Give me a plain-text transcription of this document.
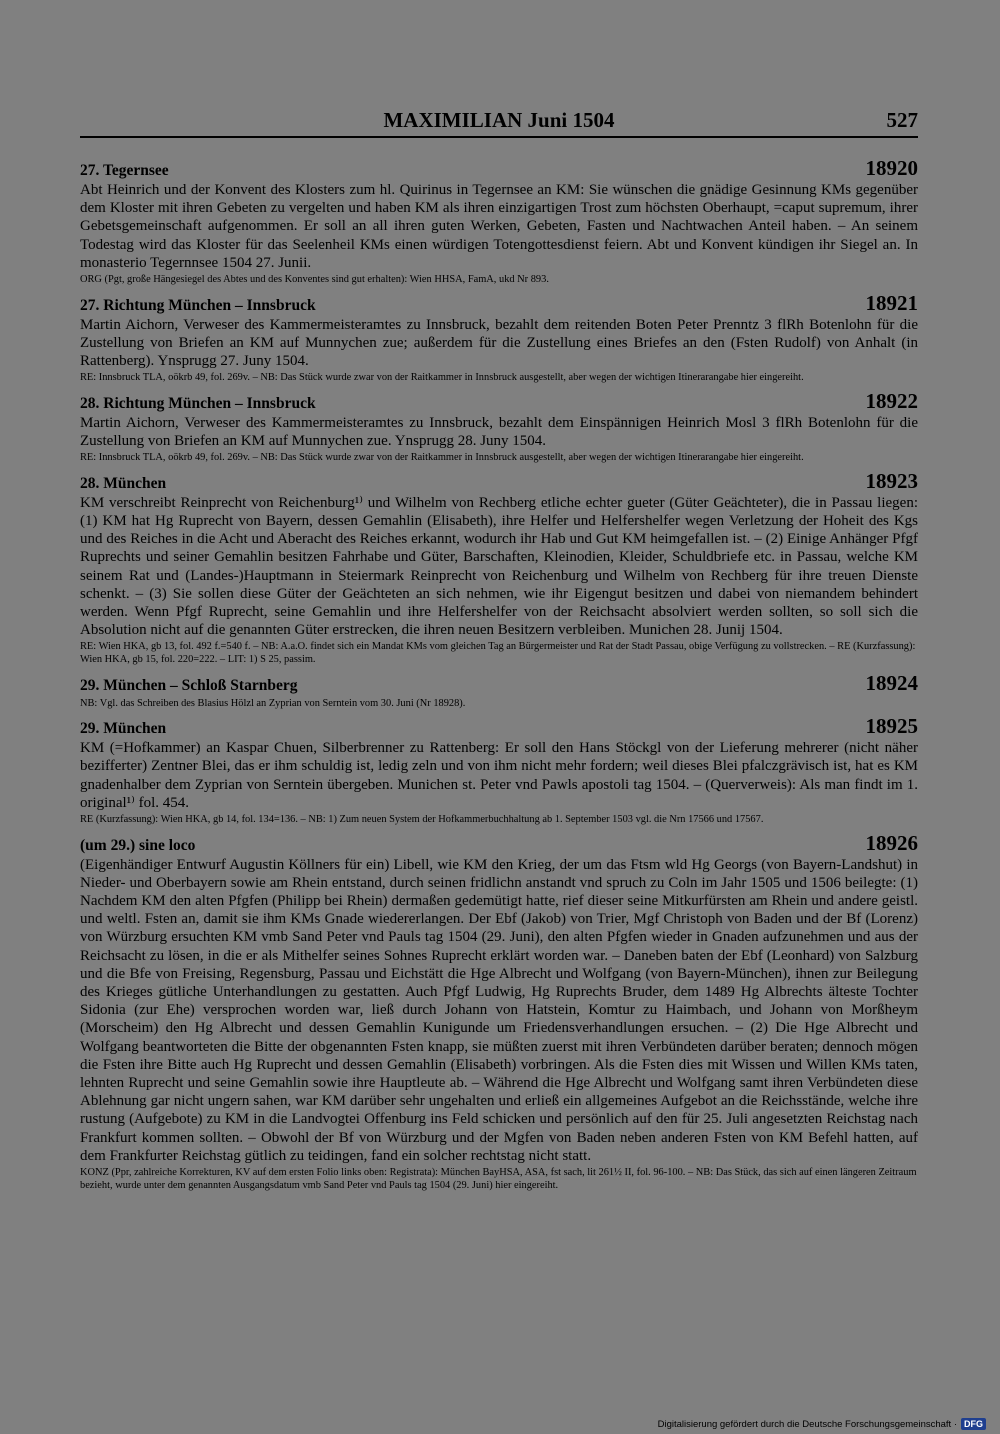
MAXIMILIAN Juni 1504	527
27. Tegernsee	18920

Abt Heinrich und der Konvent des Klosters zum hl. Quirinus in Tegernsee an KM: Sie wünschen die gnädige Gesinnung KMs gegenüber dem Kloster mit ihren Gebeten zu vergelten und haben KM als ihren einzigartigen Trost zum höchsten Oberhaupt, =caput supremum, ihrer Gebetsgemeinschaft aufgenommen. Er soll an all ihren guten Werken, Gebeten, Fasten und Nachtwachen Anteil haben. – An seinem Todestag wird das Kloster für das Seelenheil KMs einen würdigen Totengottesdienst feiern. Abt und Konvent kündigen ihr Siegel an. In monasterio Tegernnsee 1504 27. Junii.

ORG (Pgt, große Hängesiegel des Abtes und des Konventes sind gut erhalten): Wien HHSA, FamA, ukd Nr 893.

27. Richtung München – Innsbruck	18921

Martin Aichorn, Verweser des Kammermeisteramtes zu Innsbruck, bezahlt dem reitenden Boten Peter Prenntz 3 flRh Botenlohn für die Zustellung von Briefen an KM auf Munnychen zue; außerdem für die Zustellung eines Briefes an den (Fsten Rudolf) von Anhalt (in Rattenberg). Ynsprugg 27. Juny 1504.

RE: Innsbruck TLA, oökrb 49, fol. 269v. – NB: Das Stück wurde zwar von der Raitkammer in Innsbruck ausgestellt, aber wegen der wichtigen Itinerarangabe hier eingereiht.

28. Richtung München – Innsbruck	18922

Martin Aichorn, Verweser des Kammermeisteramtes zu Innsbruck, bezahlt dem Einspännigen Heinrich Mosl 3 flRh Botenlohn für die Zustellung von Briefen an KM auf Munnychen zue. Ynsprugg 28. Juny 1504.

RE: Innsbruck TLA, oökrb 49, fol. 269v. – NB: Das Stück wurde zwar von der Raitkammer in Innsbruck ausgestellt, aber wegen der wichtigen Itinerarangabe hier eingereiht.

28. München	18923

KM verschreibt Reinprecht von Reichenburg¹⁾ und Wilhelm von Rechberg etliche echter gueter (Güter Geächteter), die in Passau liegen: (1) KM hat Hg Ruprecht von Bayern, dessen Gemahlin (Elisabeth), ihre Helfer und Helfershelfer wegen Verletzung der Hoheit des Kgs und des Reiches in die Acht und Aberacht des Reiches erkannt, wodurch ihr Hab und Gut KM heimgefallen ist. – (2) Einige Anhänger Pfgf Ruprechts und seiner Gemahlin besitzen Fahrhabe und Güter, Barschaften, Kleinodien, Kleider, Schuldbriefe etc. in Passau, welche KM seinem Rat und (Landes-)Hauptmann in Steiermark Reinprecht von Reichenburg und Wilhelm von Rechberg für ihre treuen Dienste schenkt. – (3) Sie sollen diese Güter der Geächteten an sich nehmen, wie ihr Eigengut besitzen und dabei von niemandem behindert werden. Wenn Pfgf Ruprecht, seine Gemahlin und ihre Helfershelfer von der Reichsacht absolviert werden sollten, so soll sich die Absolution nicht auf die genannten Güter erstrecken, die ihren neuen Besitzern verbleiben. Munichen 28. Junij 1504.

RE: Wien HKA, gb 13, fol. 492 f.=540 f. – NB: A.a.O. findet sich ein Mandat KMs vom gleichen Tag an Bürgermeister und Rat der Stadt Passau, obige Verfügung zu vollstrecken. – RE (Kurzfassung): Wien HKA, gb 15, fol. 220=222. – LIT: 1) S 25, passim.

29. München – Schloß Starnberg	18924

NB: Vgl. das Schreiben des Blasius Hölzl an Zyprian von Serntein vom 30. Juni (Nr 18928).

29. München	18925

KM (=Hofkammer) an Kaspar Chuen, Silberbrenner zu Rattenberg: Er soll den Hans Stöckgl von der Lieferung mehrerer (nicht näher bezifferter) Zentner Blei, das er ihm schuldig ist, ledig zeln und von ihm nicht mehr fordern; weil dieses Blei pfalczgrävisch ist, hat es KM gnadenhalber dem Zyprian von Serntein übergeben. Munichen st. Peter vnd Pawls apostoli tag 1504. – (Querverweis): Als man findt im 1. original¹⁾ fol. 454.

RE (Kurzfassung): Wien HKA, gb 14, fol. 134=136. – NB: 1) Zum neuen System der Hofkammerbuchhaltung ab 1. September 1503 vgl. die Nrn 17566 und 17567.

(um 29.) sine loco	18926

(Eigenhändiger Entwurf Augustin Köllners für ein) Libell, wie KM den Krieg, der um das Ftsm wld Hg Georgs (von Bayern-Landshut) in Nieder- und Oberbayern sowie am Rhein entstand, durch seinen fridlichn anstandt vnd spruch zu Coln im Jahr 1505 und 1506 beilegte: (1) Nachdem KM den alten Pfgfen (Philipp bei Rhein) dermaßen gedemütigt hatte, rief dieser seine Mitkurfürsten am Rhein und andere geistl. und weltl. Fsten an, damit sie ihm KMs Gnade wiedererlangen. Der Ebf (Jakob) von Trier, Mgf Christoph von Baden und der Bf (Lorenz) von Würzburg ersuchten KM vmb Sand Peter vnd Pauls tag 1504 (29. Juni), den alten Pfgfen wieder in Gnaden aufzunehmen und aus der Reichsacht zu lösen, in die er als Mithelfer seines Sohnes Ruprecht erklärt worden war. – Daneben baten der Ebf (Leonhard) von Salzburg und die Bfe von Freising, Regensburg, Passau und Eichstätt die Hge Albrecht und Wolfgang (von Bayern-München), ihnen zur Beilegung des Krieges gütliche Unterhandlungen zu gestatten. Auch Pfgf Ludwig, Hg Ruprechts Bruder, dem 1489 Hg Albrechts älteste Tochter Sidonia (zur Ehe) versprochen worden war, ließ durch Johann von Hatstein, Komtur zu Haimbach, und Johann von Morßheym (Morscheim) den Hg Albrecht und dessen Gemahlin Kunigunde um Friedensverhandlungen ersuchen. – (2) Die Hge Albrecht und Wolfgang beantworteten die Bitte der obgenannten Fsten knapp, sie müßten zuerst mit ihren Verbündeten darüber beraten; dennoch mögen die Fsten ihre Bitte auch Hg Ruprecht und dessen Gemahlin (Elisabeth) vorbringen. Als die Fsten dies mit Wissen und Willen KMs taten, lehnten Ruprecht und seine Gemahlin sowie ihre Hauptleute ab. – Während die Hge Albrecht und Wolfgang samt ihren Verbündeten diese Ablehnung gar nicht ungern sahen, war KM darüber sehr ungehalten und erließ ein allgemeines Aufgebot an die Reichsstände, welche ihre rustung (Aufgebote) zu KM in die Landvogtei Offenburg ins Feld schicken und persönlich auf den für 25. Juli angesetzten Reichstag nach Frankfurt kommen sollten. – Obwohl der Bf von Würzburg und der Mgfen von Baden neben anderen Fsten von KM Befehl hatten, auf dem Frankfurter Reichstag gütlich zu teidingen, fand ein solcher rechtstag nicht statt.

KONZ (Ppr, zahlreiche Korrekturen, KV auf dem ersten Folio links oben: Registrata): München BayHSA, ASA, fst sach, lit 261½ II, fol. 96-100. – NB: Das Stück, das sich auf einen längeren Zeitraum bezieht, wurde unter dem genannten Ausgangsdatum vmb Sand Peter vnd Pauls tag 1504 (29. Juni) hier eingereiht.

Digitalisierung gefördert durch die Deutsche Forschungsgemeinschaft · DFG
